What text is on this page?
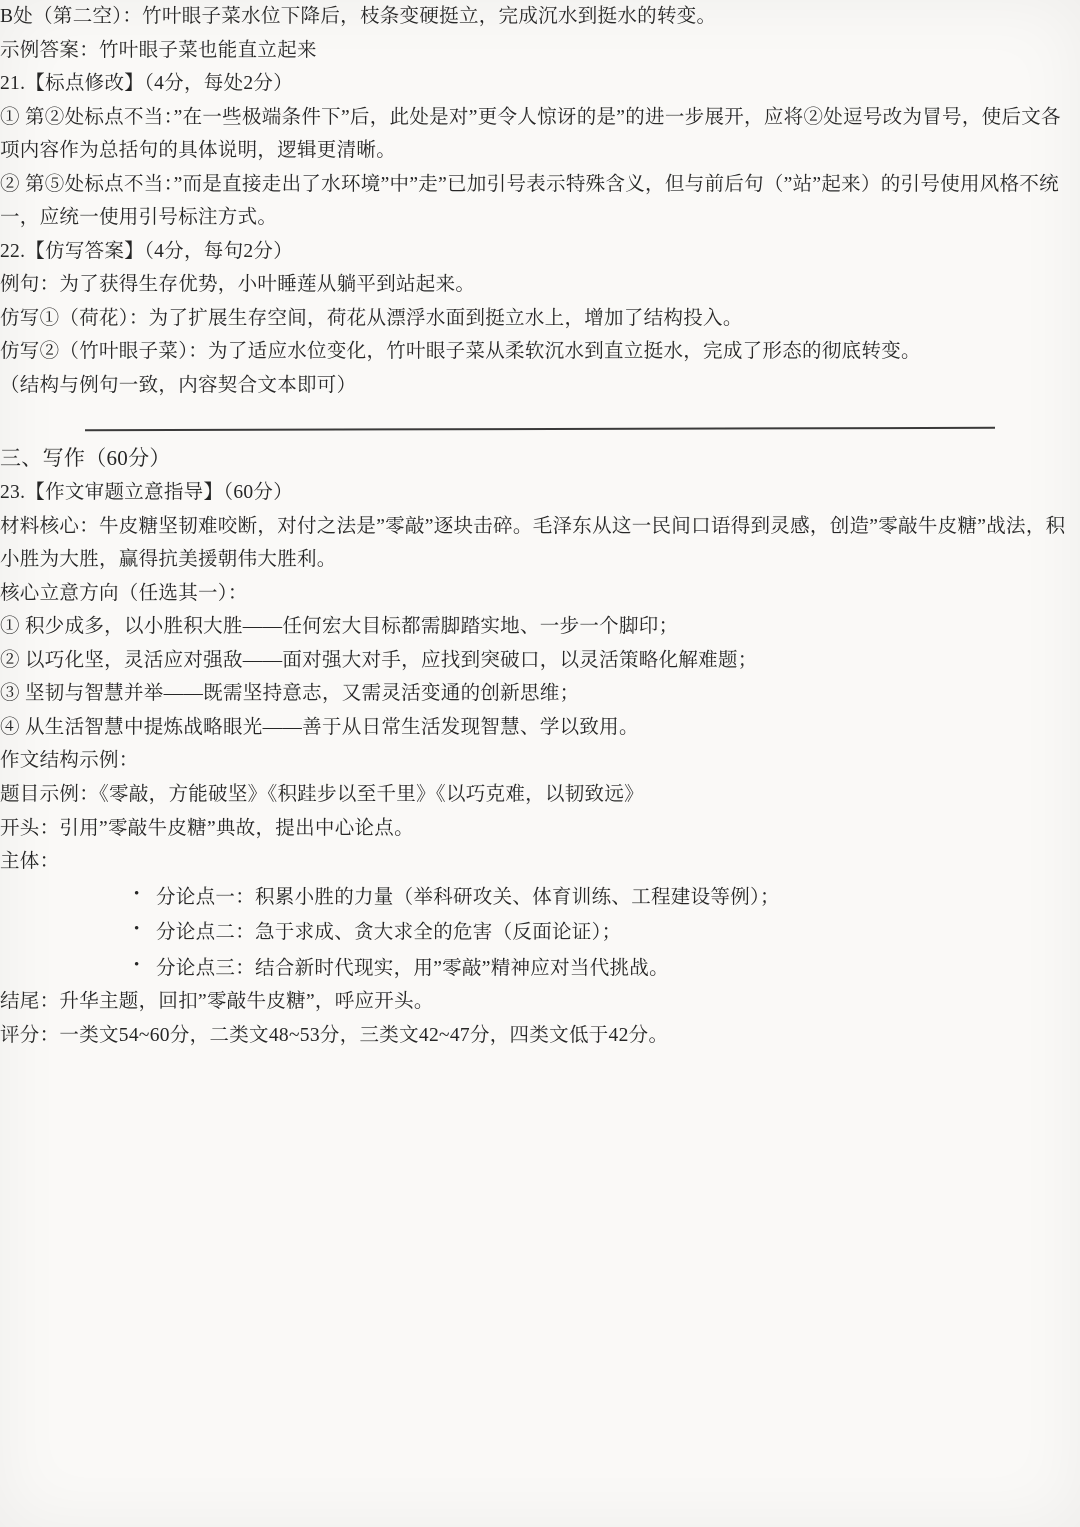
B处（第二空）：竹叶眼子菜水位下降后，枝条变硬挺立，完成沉水到挺水的转变。

示例答案：竹叶眼子菜也能直立起来

21.【标点修改】（4分，每处2分）

① 第②处标点不当：”在一些极端条件下”后，此处是对”更令人惊讶的是”的进一步展开，应将②处逗号改为冒号，使后文各项内容作为总括句的具体说明，逻辑更清晰。

② 第⑤处标点不当：”而是直接走出了水环境”中”走”已加引号表示特殊含义，但与前后句（”站”起来）的引号使用风格不统一，应统一使用引号标注方式。

22.【仿写答案】（4分，每句2分）

例句：为了获得生存优势，小叶睡莲从躺平到站起来。

仿写①（荷花）：为了扩展生存空间，荷花从漂浮水面到挺立水上，增加了结构投入。

仿写②（竹叶眼子菜）：为了适应水位变化，竹叶眼子菜从柔软沉水到直立挺水，完成了形态的彻底转变。

（结构与例句一致，内容契合文本即可）

三、写作（60分）

23.【作文审题立意指导】（60分）

材料核心：牛皮糖坚韧难咬断，对付之法是”零敲”逐块击碎。毛泽东从这一民间口语得到灵感，创造”零敲牛皮糖”战法，积小胜为大胜，赢得抗美援朝伟大胜利。

核心立意方向（任选其一）：

① 积少成多，以小胜积大胜——任何宏大目标都需脚踏实地、一步一个脚印；

② 以巧化坚，灵活应对强敌——面对强大对手，应找到突破口，以灵活策略化解难题；

③ 坚韧与智慧并举——既需坚持意志，又需灵活变通的创新思维；

④ 从生活智慧中提炼战略眼光——善于从日常生活发现智慧、学以致用。

作文结构示例：

题目示例：《零敲，方能破坚》《积跬步以至千里》《以巧克难，以韧致远》

开头：引用”零敲牛皮糖”典故，提出中心论点。

主体：

• 分论点一：积累小胜的力量（举科研攻关、体育训练、工程建设等例）；
• 分论点二：急于求成、贪大求全的危害（反面论证）；
• 分论点三：结合新时代现实，用”零敲”精神应对当代挑战。

结尾：升华主题，回扣”零敲牛皮糖”，呼应开头。

评分：一类文54~60分，二类文48~53分，三类文42~47分，四类文低于42分。
